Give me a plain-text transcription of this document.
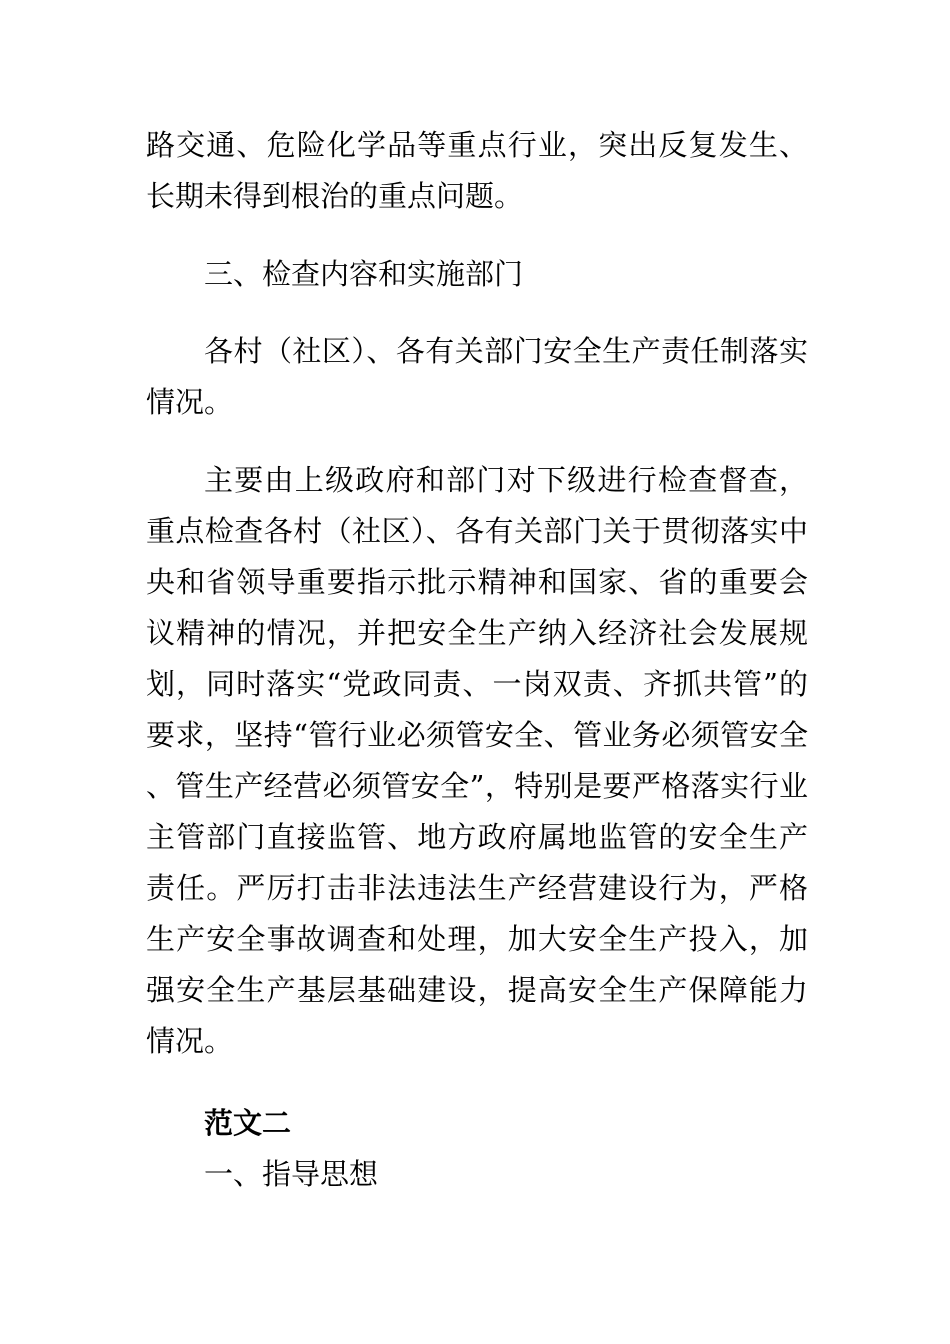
路交通、危险化学品等重点行业，突出反复发生、长期未得到根治的重点问题。

三、检查内容和实施部门

各村（社区）、各有关部门安全生产责任制落实情况。

主要由上级政府和部门对下级进行检查督查，重点检查各村（社区）、各有关部门关于贯彻落实中央和省领导重要指示批示精神和国家、省的重要会议精神的情况，并把安全生产纳入经济社会发展规划，同时落实“党政同责、一岗双责、齐抓共管”的要求，坚持“管行业必须管安全、管业务必须管安全、管生产经营必须管安全”，特别是要严格落实行业主管部门直接监管、地方政府属地监管的安全生产责任。严厉打击非法违法生产经营建设行为，严格生产安全事故调查和处理，加大安全生产投入，加强安全生产基层基础建设，提高安全生产保障能力情况。

范文二

一、指导思想
